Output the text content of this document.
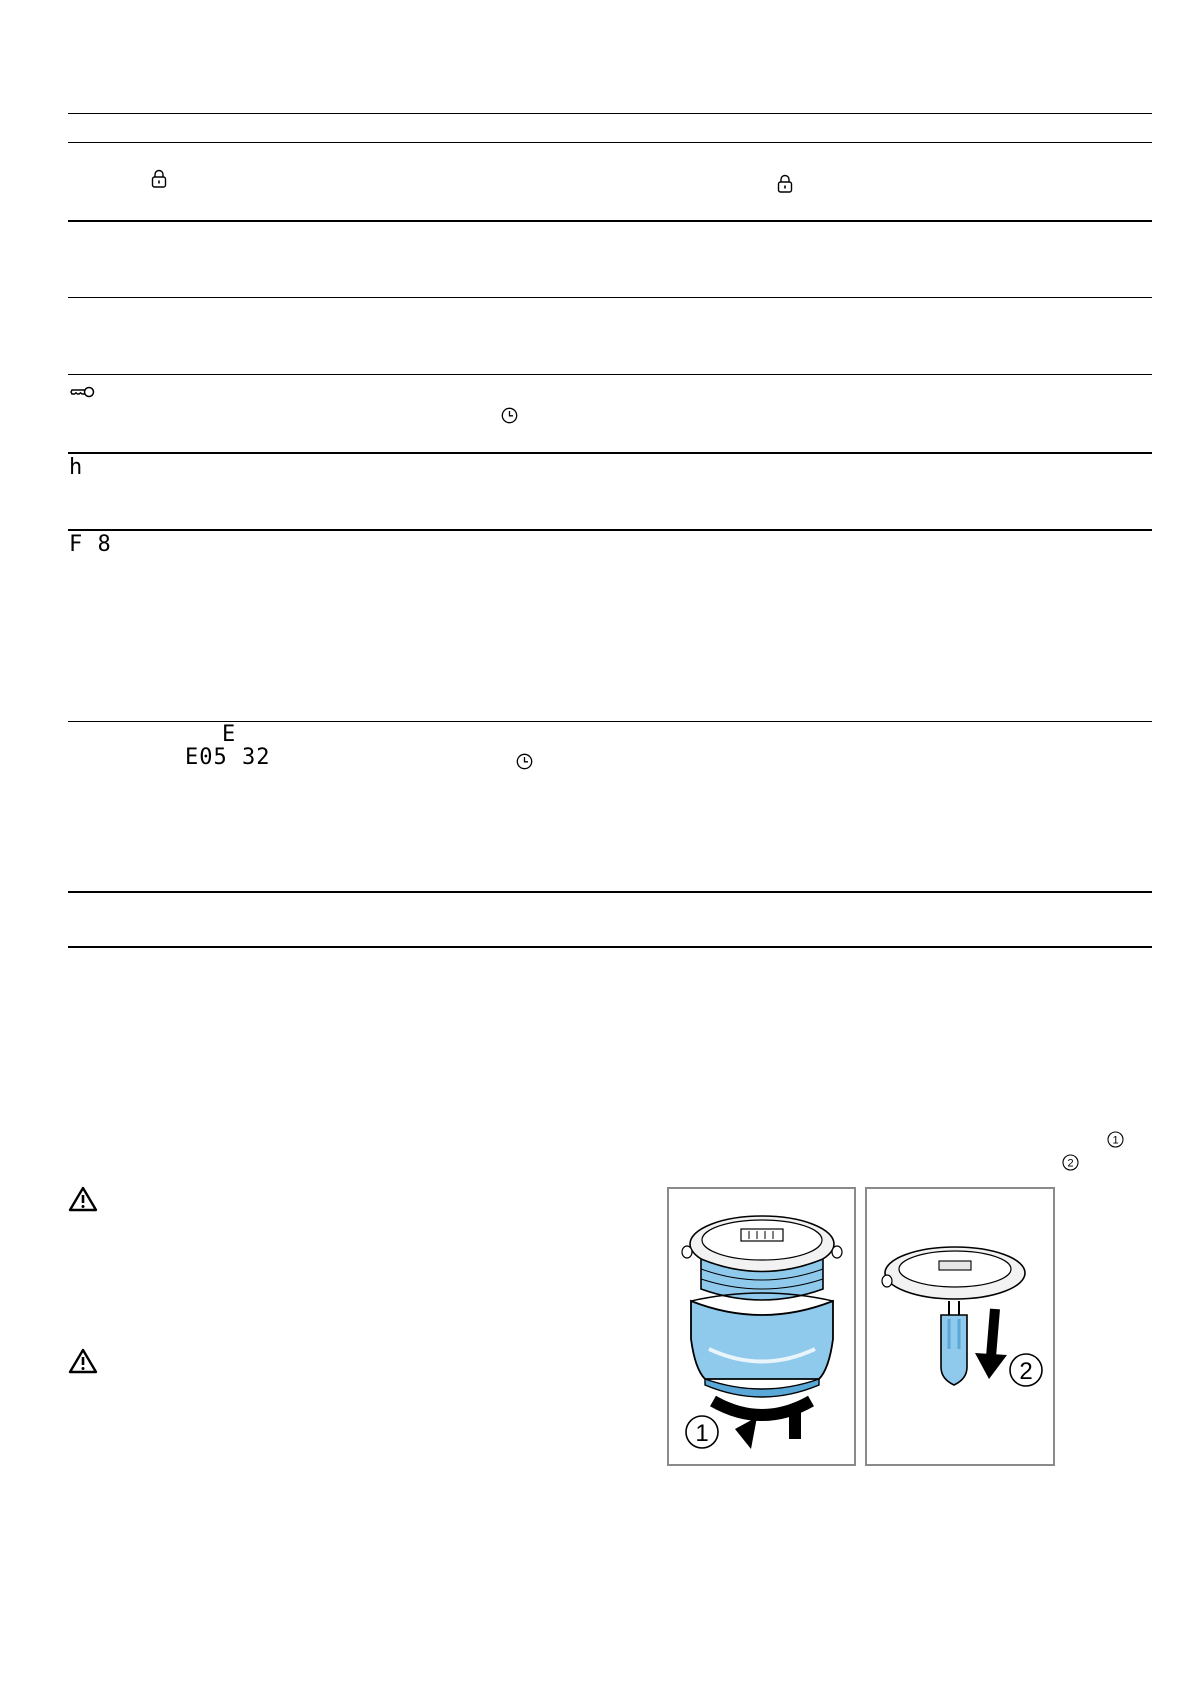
h
F 8
E
E05 32
1
2
1
2
